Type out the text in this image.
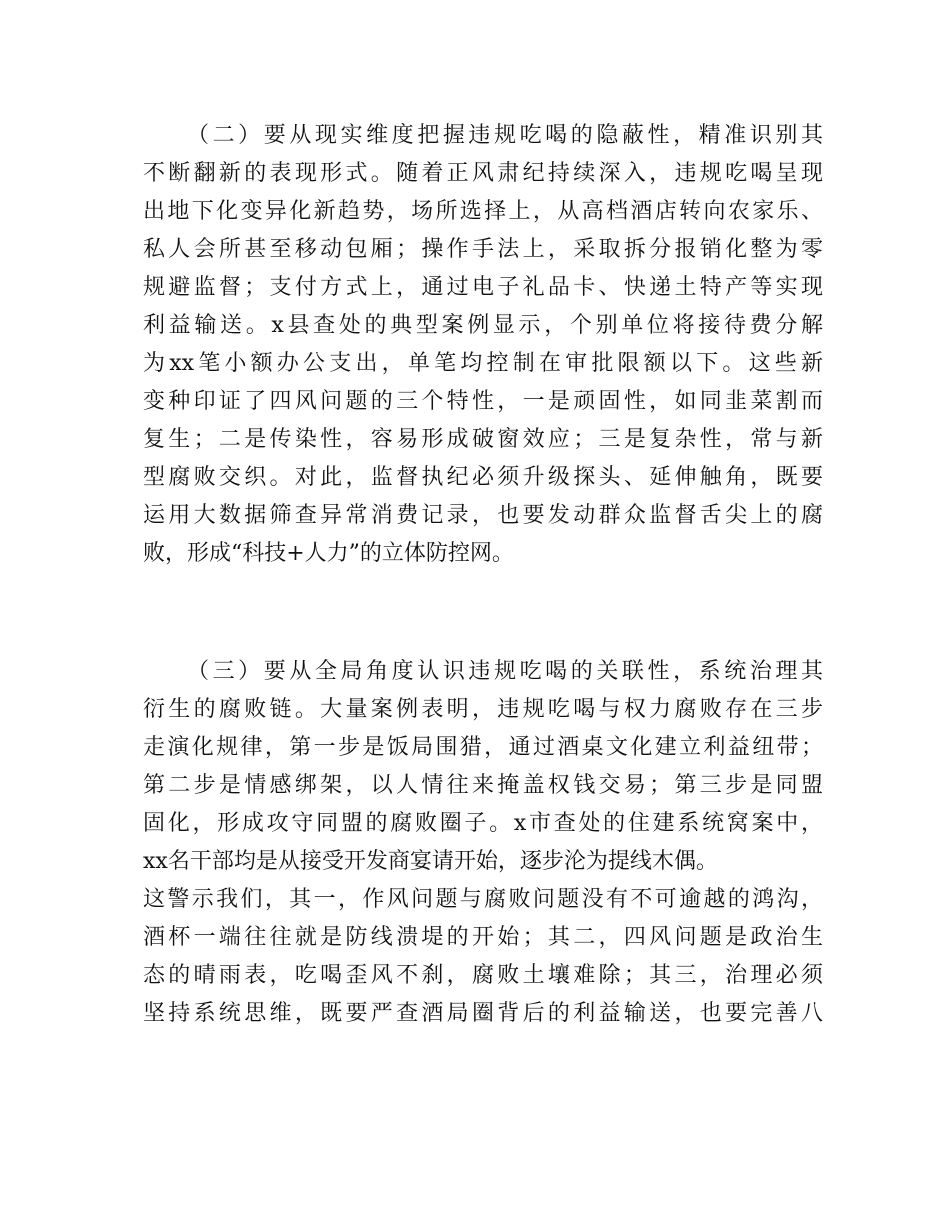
（二）要从现实维度把握违规吃喝的隐蔽性，精准识别其
不断翻新的表现形式。随着正风肃纪持续深入，违规吃喝呈现
出地下化变异化新趋势，场所选择上，从高档酒店转向农家乐、
私人会所甚至移动包厢；操作手法上，采取拆分报销化整为零
规避监督；支付方式上，通过电子礼品卡、快递土特产等实现
利益输送。x县查处的典型案例显示，个别单位将接待费分解
为xx笔小额办公支出，单笔均控制在审批限额以下。这些新
变种印证了四风问题的三个特性，一是顽固性，如同韭菜割而
复生；二是传染性，容易形成破窗效应；三是复杂性，常与新
型腐败交织。对此，监督执纪必须升级探头、延伸触角，既要
运用大数据筛查异常消费记录，也要发动群众监督舌尖上的腐
败，形成“科技+人力”的立体防控网。
（三）要从全局角度认识违规吃喝的关联性，系统治理其
衍生的腐败链。大量案例表明，违规吃喝与权力腐败存在三步
走演化规律，第一步是饭局围猎，通过酒桌文化建立利益纽带；
第二步是情感绑架，以人情往来掩盖权钱交易；第三步是同盟
固化，形成攻守同盟的腐败圈子。x市查处的住建系统窝案中，
xx名干部均是从接受开发商宴请开始，逐步沦为提线木偶。
这警示我们，其一，作风问题与腐败问题没有不可逾越的鸿沟，
酒杯一端往往就是防线溃堤的开始；其二，四风问题是政治生
态的晴雨表，吃喝歪风不刹，腐败土壤难除；其三，治理必须
坚持系统思维，既要严查酒局圈背后的利益输送，也要完善八
